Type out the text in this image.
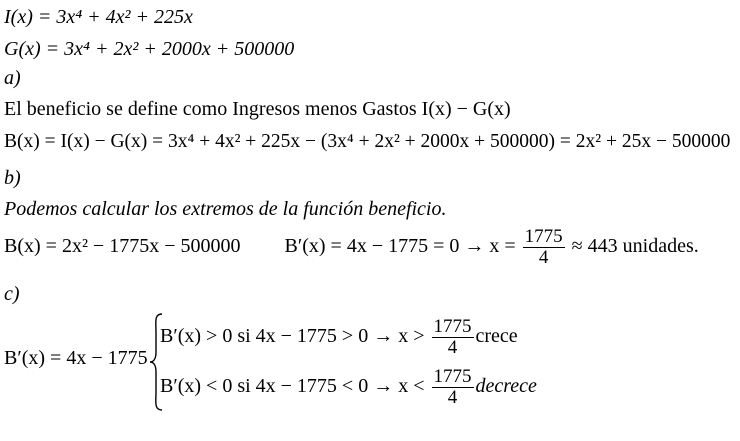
I(x) = 3x⁴ + 4x² + 225x
G(x) = 3x⁴ + 2x² + 2000x + 500000
a)
El beneficio se define como Ingresos menos Gastos I(x) − G(x)
B(x) = I(x) − G(x) = 3x⁴ + 4x² + 225x − (3x⁴ + 2x² + 2000x + 500000) = 2x² + 25x − 500000
b)
Podemos calcular los extremos de la función beneficio.
B(x) = 2x² − 1775x − 500000 $B'(x) = 4x - 1775 = 0 \to x = \frac{1775}{4} \approx 443$ unidades.
c)
B′(x) = 4x − 1775
B′(x) > 0 si $4x - 1775 > 0 \to x > \frac{1775}{4}$ crece
B′(x) < 0 si $4x - 1775 < 0 \to x < \frac{1775}{4}$ decrece
